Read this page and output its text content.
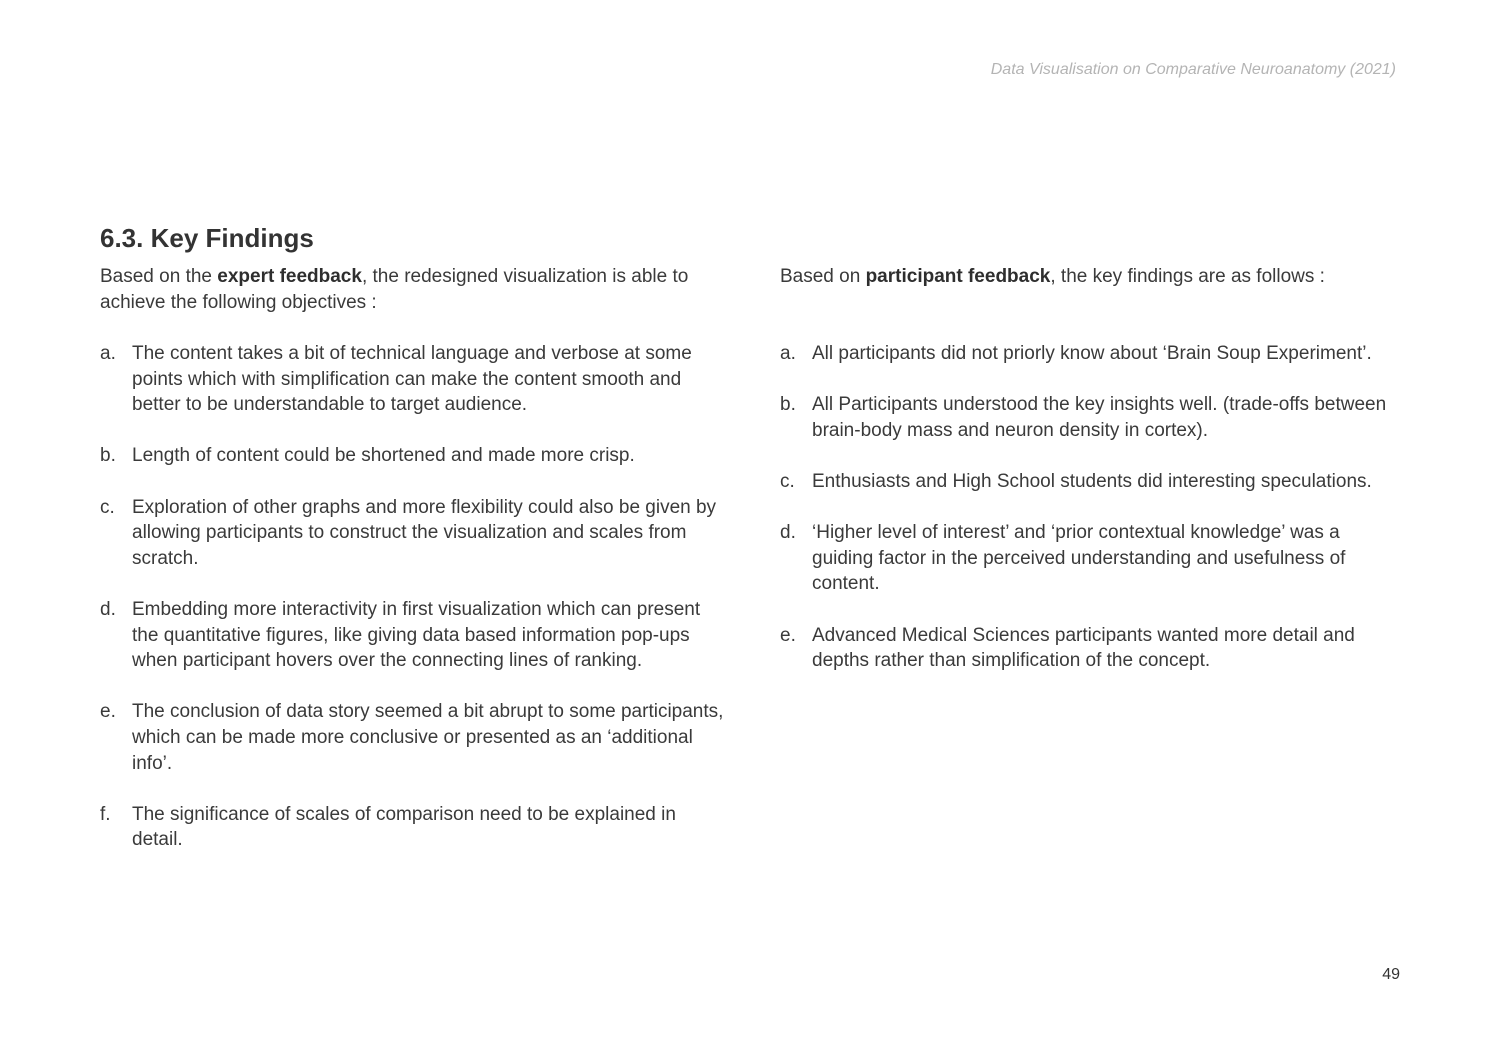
Data Visualisation on Comparative Neuroanatomy (2021)
6.3. Key Findings

Based on the expert feedback, the redesigned visualization is able to achieve the following objectives :

a. The content takes a bit of technical language and verbose at some points which with simplification can make the content smooth and better to be understandable to target audience.
b. Length of content could be shortened and made more crisp.
c. Exploration of other graphs and more flexibility could also be given by allowing participants to construct the visualization and scales from scratch.
d. Embedding more interactivity in first visualization which can present the quantitative figures, like giving data based information pop-ups when participant hovers over the connecting lines of ranking.
e. The conclusion of data story seemed a bit abrupt to some participants, which can be made more conclusive or presented as an ‘additional info’.
f.	The significance of scales of comparison need to be explained in detail.

Based on participant feedback, the key findings are as follows :

a. All participants did not priorly know about ‘Brain Soup Experiment’.
b. All Participants understood the key insights well. (trade-offs between brain-body mass and neuron density in cortex).
c. Enthusiasts and High School students did interesting speculations.
d. ‘Higher level of interest’ and ‘prior contextual knowledge’ was a guiding factor in the perceived understanding and usefulness of content.
e. Advanced Medical Sciences participants wanted more detail and depths rather than simplification of the concept.
49
